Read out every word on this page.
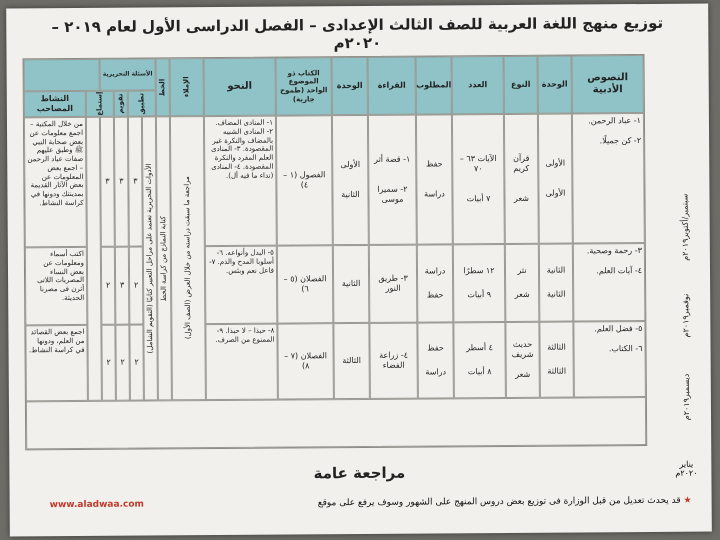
توزيع منهج اللغة العربية للصف الثالث الإعدادى – الفصل الدراسى الأول لعام ٢٠١٩ – ٢٠٢٠م
سبتمبر/أكتوبر٢٠١٩م
نوفمبر٢٠١٩م
ديسمبر٢٠١٩م
النصوص الأدبية
الوحدة
النوع
العدد
المطلوب
القراءة
الوحدة
الكتاب ذو الموضوع الواحد (طموح جارية)
النحو
الإملاء
الخط
الأسئلة التحريرية
تطبيق
تقويم
إستماع
النشاط المصاحب
١- عباد الرحمن.

٢- كن جميلًا.
الأولى
الأولى
قرآن كريم
شعر
الآيات ٦٣ – ٧٠
٧ أبيات
حفظ
دراسة
١- قصة أثر
٢- سميرا موسى
الأولى
الثانية
الفصول (١ – ٤)
١- المنادى المضاف. ٢- المنادى الشبيه بالمضاف والنكرة غير المقصودة. ٣- المنادى العلم المفرد والنكرة المقصودة. ٤- المنادى (نداء ما فيه أل).
مراجعة ما سبقت دراسته من خلال العرض (الصف الأول)
كتابة النماذج من كراسة الخط
الأدوات التحريرية تعتمد على مراحل التعبير كتابيًا (التقويم الشامل)
٣
٣
٣
من خلال المكتبة – اجمع معلومات عن بعض صحابة النبي ﷺ وطبق عليهم صفات عباد الرحمن – اجمع بعض المعلومات عن بعض الآثار القديمة بمدينتك ودونها في كراسة النشاط.
٣- رحمة وصحبة.

٤- آيات العلم.
الثانية
الثانية
نثر
شعر
١٢ سطرًا
٩ أبيات
دراسة
حفظ
٣- طريق النور
الثانية
الفصلان (٥ – ٦)
٥- البدل وأنواعه. ٦- أسلوبا المدح والذم. ٧- فاعل نعم وبئس.
٢
٣
٢
اكتب أسماء ومعلومات عن بعض النساء المصريات اللاتى أثرن فى مصرنا الحديثة.
٥- فضل العلم.

٦- الكتاب.
الثالثة
الثالثة
حديث شريف
شعر
٤ أسطر
٨ أبيات
حفظ
دراسة
٤- زراعة الفضاء
الثالثة
الفصلان (٧ – ٨)
٨- حبذا – لا حبذا. ٩- الممنوع من الصرف.
٢
٢
٢
اجمع بعض القصائد من العلم، ودونها في كراسة النشاط.
مراجعة عامة	يناير ٢٠٢٠م
★ قد يحدث تعديل من قبل الوزارة فى توزيع بعض دروس المنهج على الشهور وسوف يرفع على موقع
www.aladwaa.com
